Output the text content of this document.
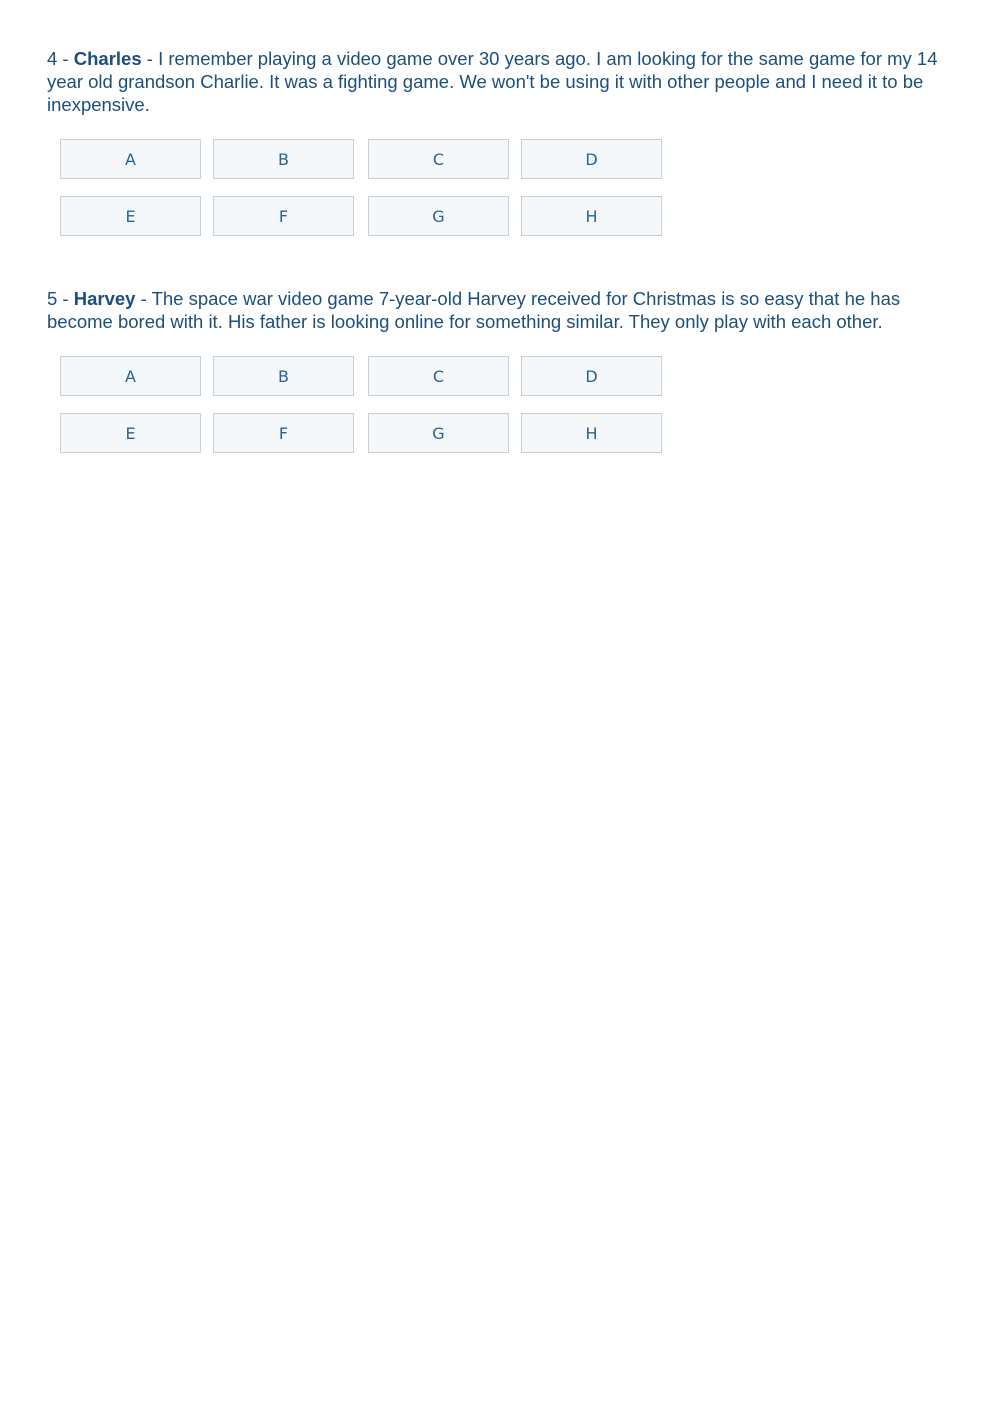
4 - Charles - I remember playing a video game over 30 years ago. I am looking for the same game for my 14 year old grandson Charlie. It was a fighting game. We won't be using it with other people and I need it to be inexpensive.

A	B	C	D
E	F	G	H

5 - Harvey - The space war video game 7-year-old Harvey received for Christmas is so easy that he has become bored with it. His father is looking online for something similar. They only play with each other.

A	B	C	D
E	F	G	H
